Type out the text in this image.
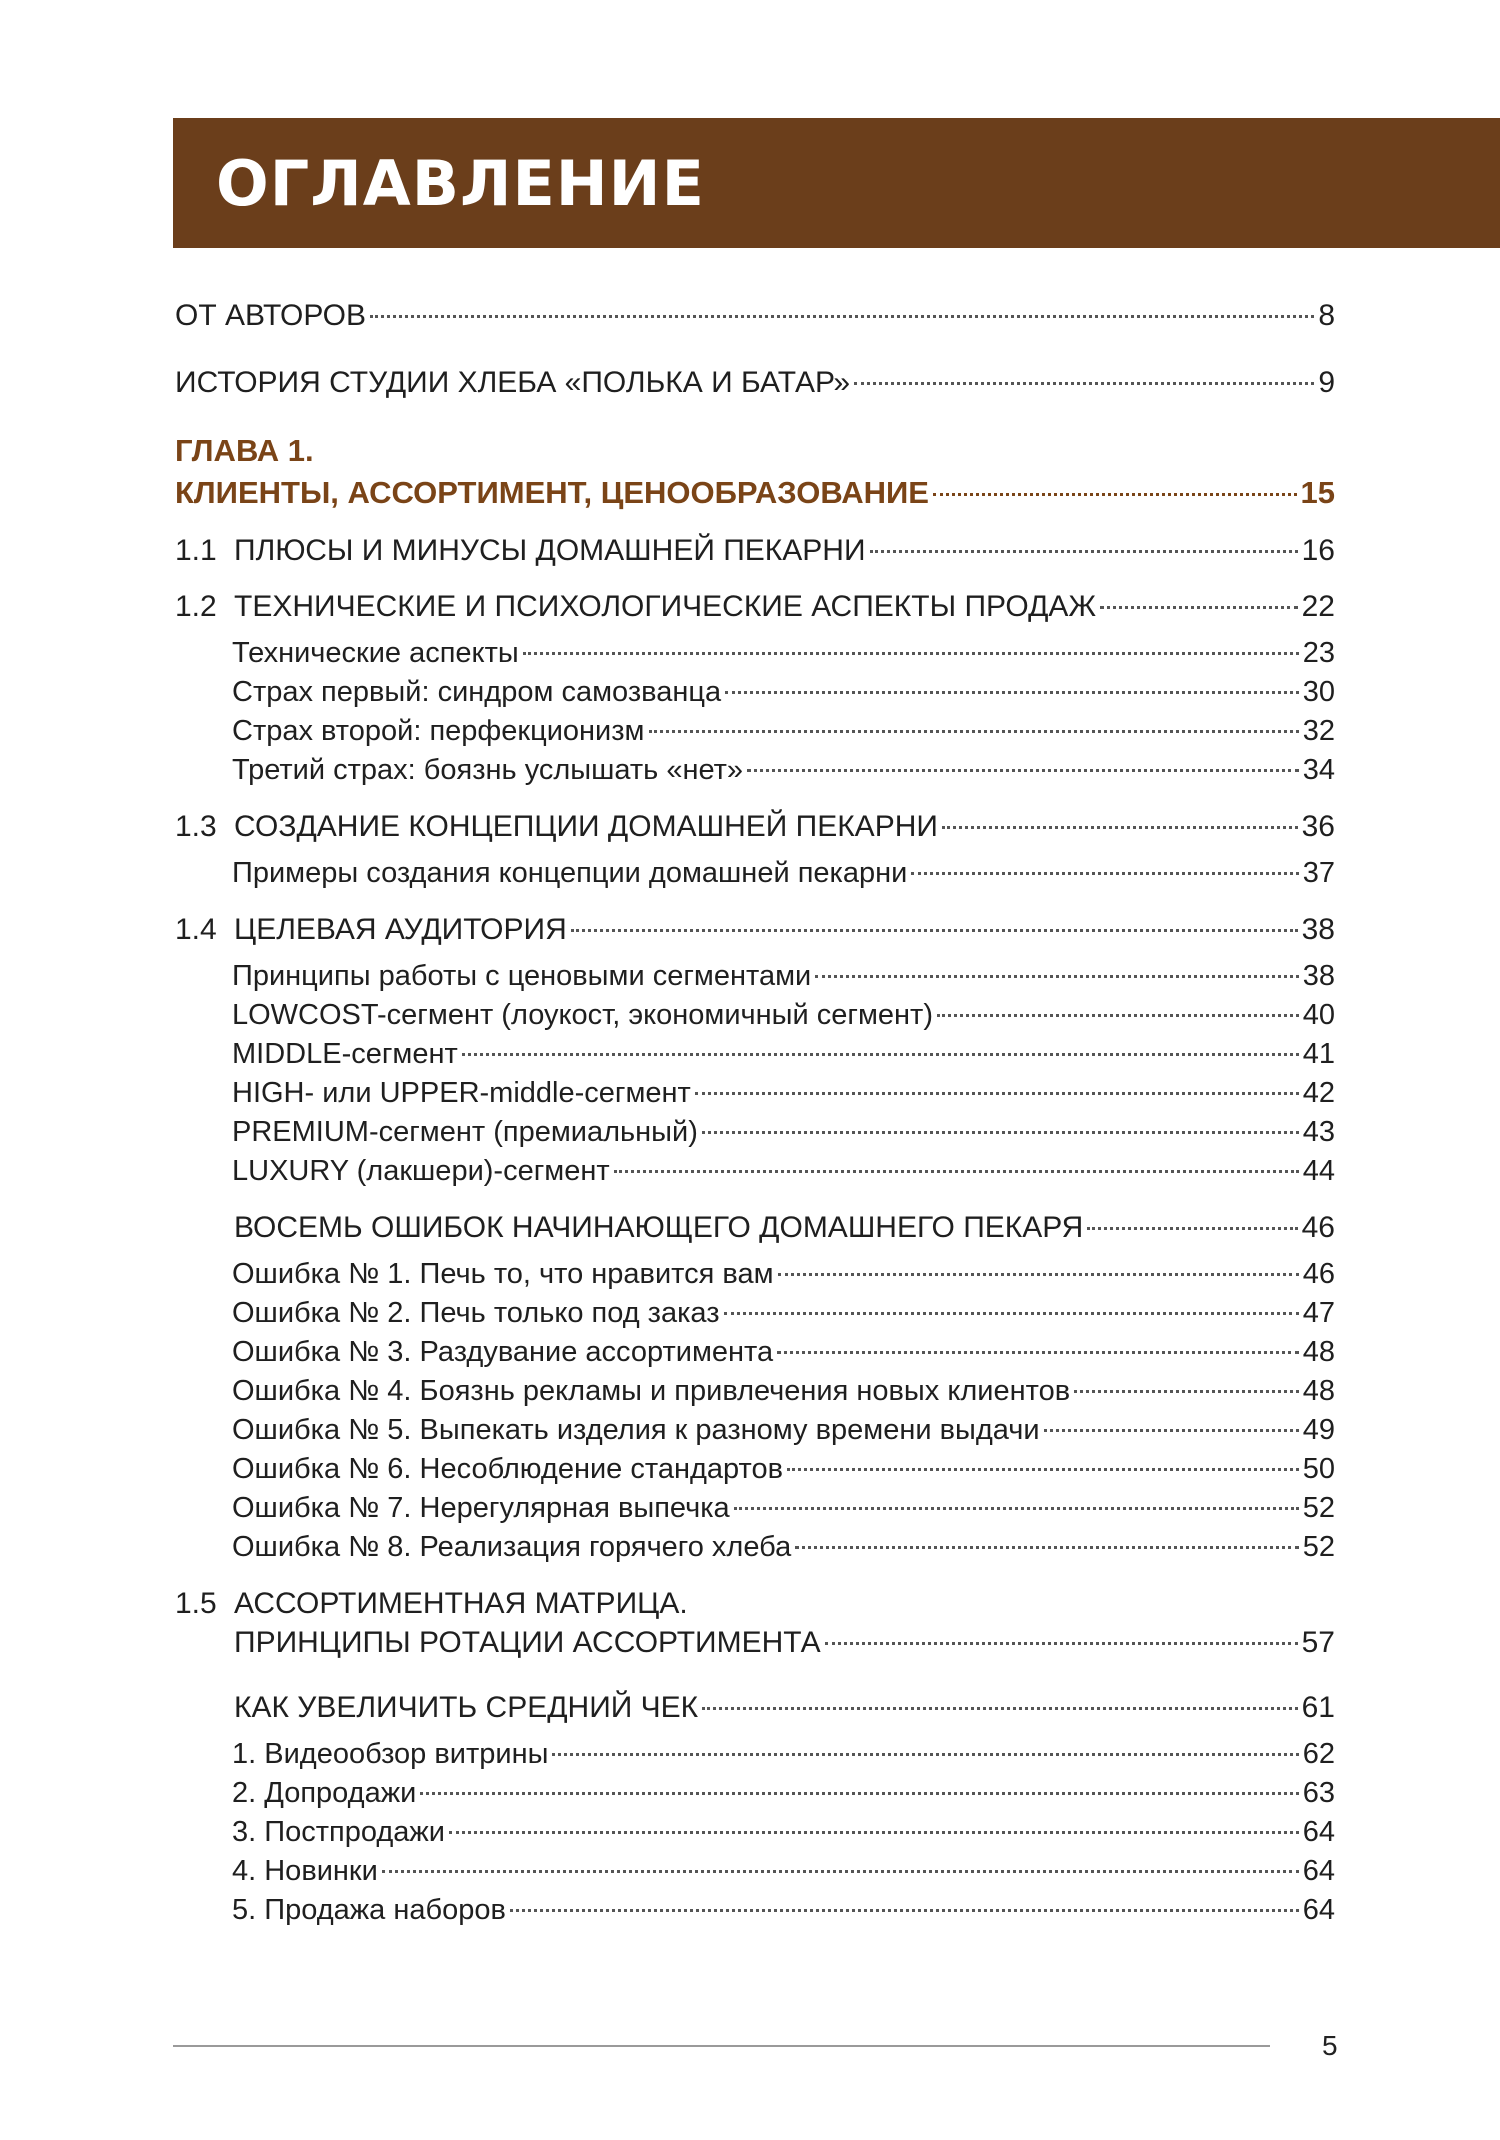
ОГЛАВЛЕНИЕ
ОТ АВТОРОВ	8
ИСТОРИЯ СТУДИИ ХЛЕБА «ПОЛЬКА И БАТАР»	9
ГЛАВА 1.
КЛИЕНТЫ, АССОРТИМЕНТ, ЦЕНООБРАЗОВАНИЕ	15
1.1 ПЛЮСЫ И МИНУСЫ ДОМАШНЕЙ ПЕКАРНИ	16
1.2 ТЕХНИЧЕСКИЕ И ПСИХОЛОГИЧЕСКИЕ АСПЕКТЫ ПРОДАЖ	22
Технические аспекты	23
Страх первый: синдром самозванца	30
Страх второй: перфекционизм	32
Третий страх: боязнь услышать «нет»	34
1.3 СОЗДАНИЕ КОНЦЕПЦИИ ДОМАШНЕЙ ПЕКАРНИ	36
Примеры создания концепции домашней пекарни	37
1.4 ЦЕЛЕВАЯ АУДИТОРИЯ	38
Принципы работы с ценовыми сегментами	38
LOWCOST-сегмент (лоукост, экономичный сегмент)	40
MIDDLE-сегмент	41
HIGH- или UPPER-middle-сегмент	42
PREMIUM-сегмент (премиальный)	43
LUXURY (лакшери)-сегмент	44
ВОСЕМЬ ОШИБОК НАЧИНАЮЩЕГО ДОМАШНЕГО ПЕКАРЯ	46
Ошибка № 1. Печь то, что нравится вам	46
Ошибка № 2. Печь только под заказ	47
Ошибка № 3. Раздувание ассортимента	48
Ошибка № 4. Боязнь рекламы и привлечения новых клиентов	48
Ошибка № 5. Выпекать изделия к разному времени выдачи	49
Ошибка № 6. Несоблюдение стандартов	50
Ошибка № 7. Нерегулярная выпечка	52
Ошибка № 8. Реализация горячего хлеба	52
1.5 АССОРТИМЕНТНАЯ МАТРИЦА.
ПРИНЦИПЫ РОТАЦИИ АССОРТИМЕНТА	57
КАК УВЕЛИЧИТЬ СРЕДНИЙ ЧЕК	61
1. Видеообзор витрины	62
2. Допродажи	63
3. Постпродажи	64
4. Новинки	64
5. Продажа наборов	64
5
